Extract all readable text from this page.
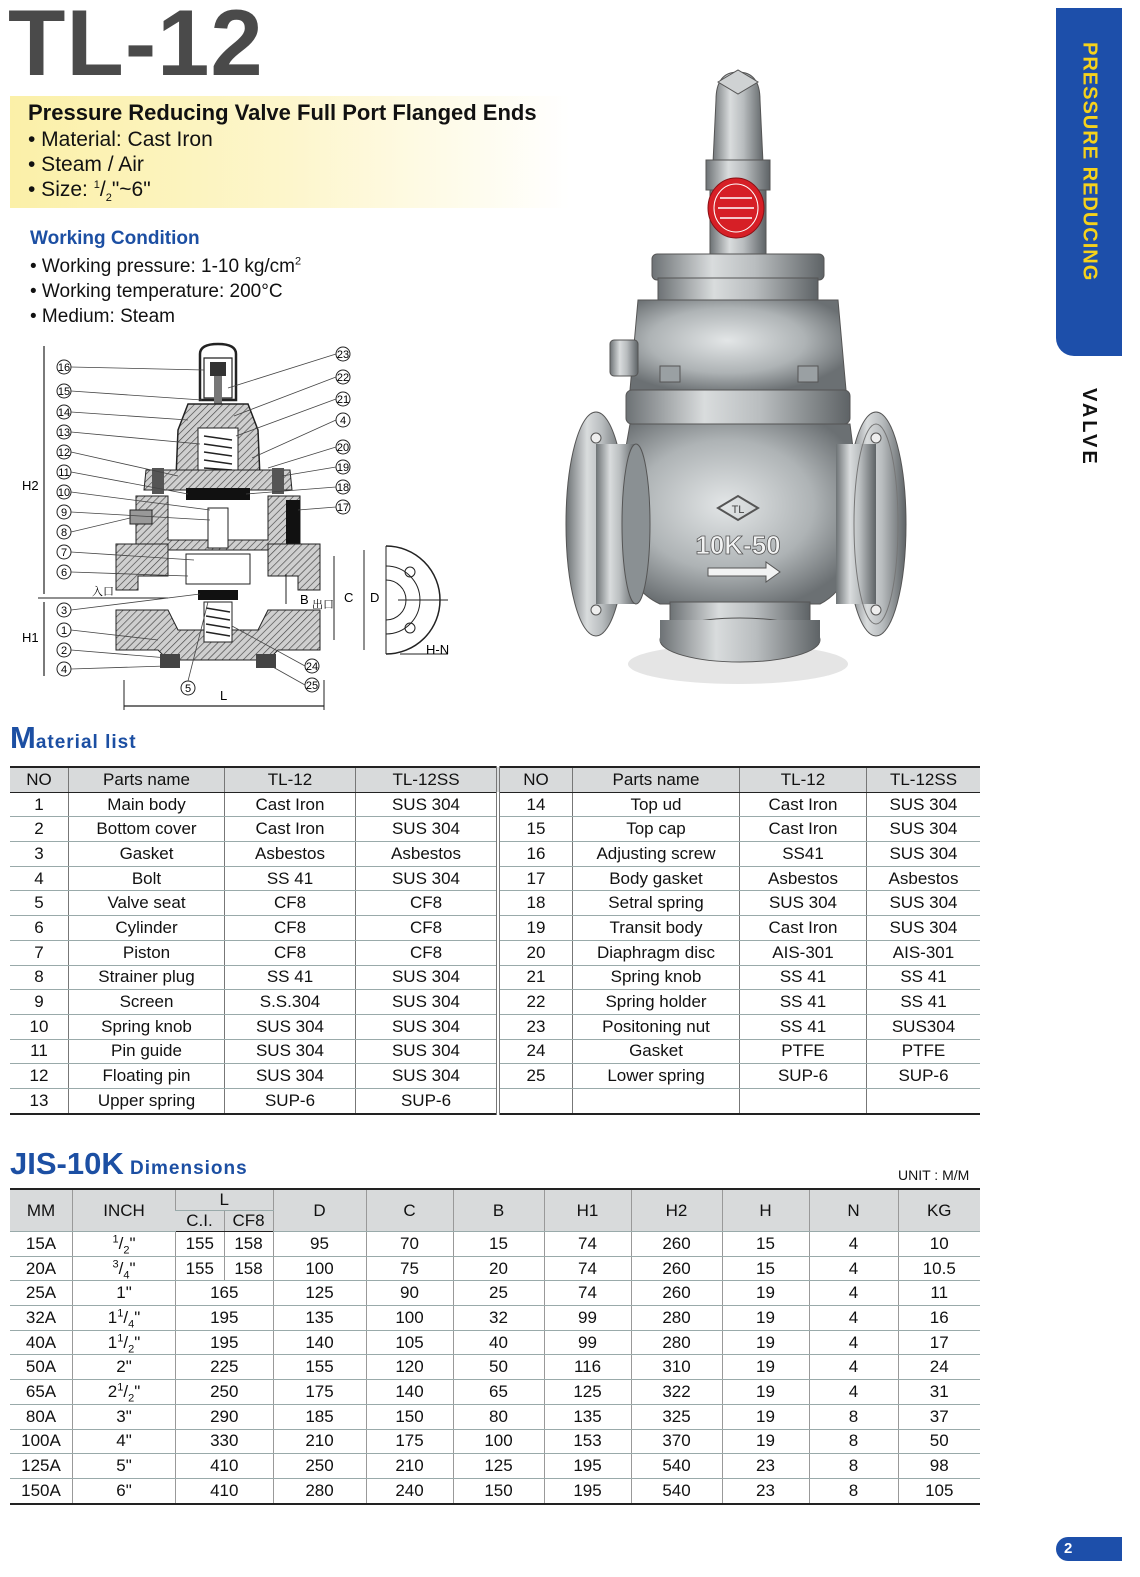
TL-12
Pressure Reducing Valve Full Port Flanged Ends
• Material: Cast Iron
• Steam / Air
• Size: $^1/_2"\sim 6$"
Working Condition
• Working pressure: 1-10 $kg/cm^2$
• Working temperature: 200°C
• Medium: Steam
PRESSURE REDUCING
VALVE
16
15
14
13
12
11
10
9
8
7
6
3
1
2
4
23
22
21
4
20
19
18
17
24
25
5
H2
H1
L
B	C D
H-N
入口
出口
TL
10K-50
Material list
NO	Parts name	TL-12	TL-12SS	NO	Parts name	TL-12	TL-12SS
1	Main body	Cast Iron	SUS 304	14	Top ud	Cast Iron	SUS 304
2	Bottom cover	Cast Iron	SUS 304	15	Top cap	Cast Iron	SUS 304
3	Gasket	Asbestos	Asbestos	16	Adjusting screw	SS41	SUS 304
4	Bolt	SS 41	SUS 304	17	Body gasket	Asbestos	Asbestos
5	Valve seat	CF8	CF8	18	Setral spring	SUS 304	SUS 304
6	Cylinder	CF8	CF8	19	Transit body	Cast Iron	SUS 304
7	Piston	CF8	CF8	20	Diaphragm disc	AIS-301	AIS-301
8	Strainer plug	SS 41	SUS 304	21	Spring knob	SS 41	SS 41
9	Screen	S.S.304	SUS 304	22	Spring holder	SS 41	SS 41
10	Spring knob	SUS 304	SUS 304	23	Positoning nut	SS 41	SUS304
11	Pin guide	SUS 304	SUS 304	24	Gasket	PTFE	PTFE
12	Floating pin	SUS 304	SUS 304	25	Lower spring	SUP-6	SUP-6
13	Upper spring	SUP-6	SUP-6				
JIS-10K Dimensions	UNIT : M/M
MM	INCH	L		D	C	B	H1	H2	H	N	KG
		C.I.	CF8								
15A	$^1/_2$"	155	158	95	70	15	74	260	15	4	10
20A	$^3/_4$"	155	158	100	75	20	74	260	15	4	10.5
25A	1"	165		125	90	25	74	260	19	4	11
32A	$1^1/_4$"	195		135	100	32	99	280	19	4	16
40A	$1^1/_2$"	195		140	105	40	99	280	19	4	17
50A	2"	225		155	120	50	116	310	19	4	24
65A	$2^1/_2$"	250		175	140	65	125	322	19	4	31
80A	3"	290		185	150	80	135	325	19	8	37
100A	4"	330		210	175	100	153	370	19	8	50
125A	5"	410		250	210	125	195	540	23	8	98
150A	6"	410		280	240	150	195	540	23	8	105
2
